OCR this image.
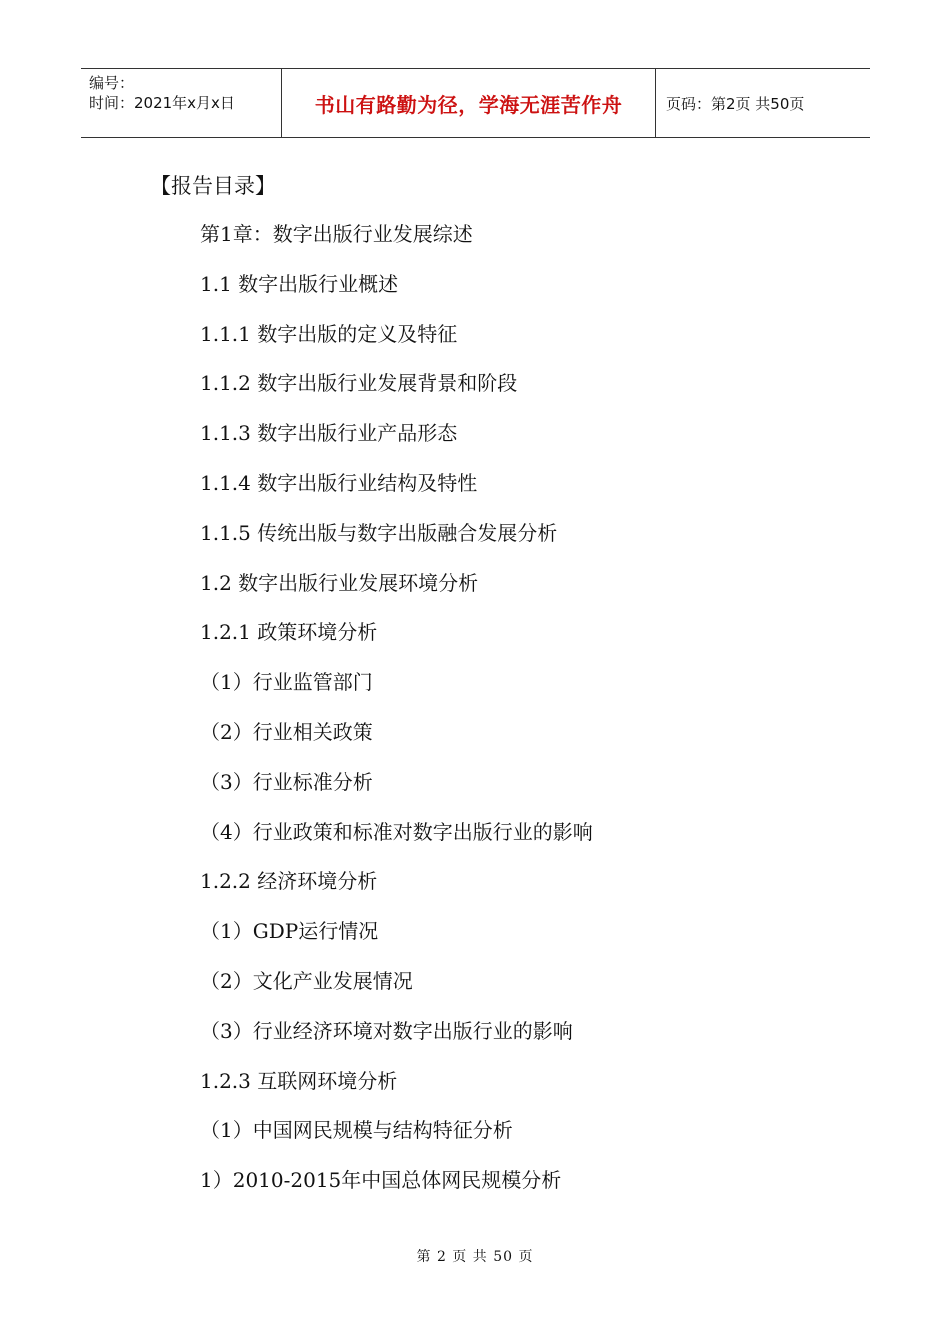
编号：
时间：2021年x月x日	书山有路勤为径，学海无涯苦作舟	页码：第2页 共50页
【报告目录】
第1章：数字出版行业发展综述
1.1 数字出版行业概述
1.1.1 数字出版的定义及特征
1.1.2 数字出版行业发展背景和阶段
1.1.3 数字出版行业产品形态
1.1.4 数字出版行业结构及特性
1.1.5 传统出版与数字出版融合发展分析
1.2 数字出版行业发展环境分析
1.2.1 政策环境分析
（1）行业监管部门
（2）行业相关政策
（3）行业标准分析
（4）行业政策和标准对数字出版行业的影响
1.2.2 经济环境分析
（1）GDP运行情况
（2）文化产业发展情况
（3）行业经济环境对数字出版行业的影响
1.2.3 互联网环境分析
（1）中国网民规模与结构特征分析
1）2010-2015年中国总体网民规模分析
第 2 页 共 50 页
